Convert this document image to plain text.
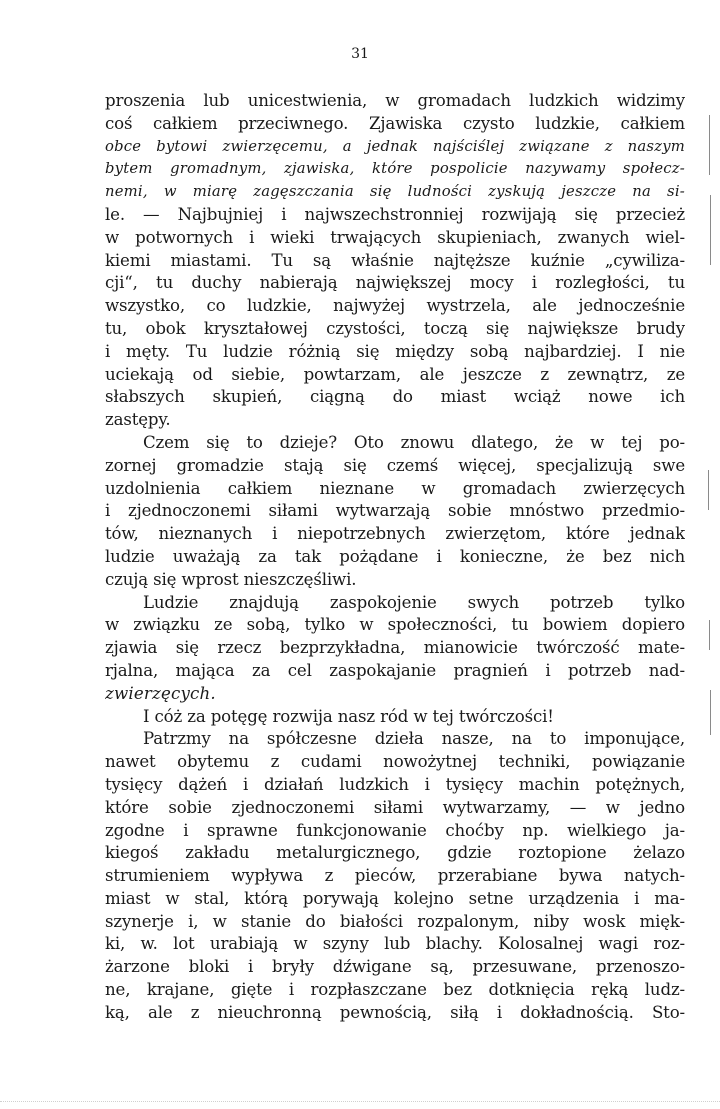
31
proszenia lub unicestwienia, w gromadach ludzkich widzimy
coś całkiem przeciwnego. Zjawiska czysto ludzkie, całkiem
obce bytowi zwierzęcemu, a jednak najściślej związane z naszym
bytem gromadnym, zjawiska, które pospolicie nazywamy społecz-
nemi, w miarę zagęszczania się ludności zyskują jeszcze na si-
le. — Najbujniej i najwszechstronniej rozwijają się przecież
w potwornych i wieki trwających skupieniach, zwanych wiel-
kiemi miastami. Tu są właśnie najtęższe kuźnie „cywiliza-
cji“, tu duchy nabierają największej mocy i rozległości, tu
wszystko, co ludzkie, najwyżej wystrzela, ale jednocześnie
tu, obok kryształowej czystości, toczą się największe brudy
i męty. Tu ludzie różnią się między sobą najbardziej. I nie
uciekają od siebie, powtarzam, ale jeszcze z zewnątrz, ze
słabszych skupień, ciągną do miast wciąż nowe ich
zastępy.
Czem się to dzieje? Oto znowu dlatego, że w tej po-
zornej gromadzie stają się czemś więcej, specjalizują swe
uzdolnienia całkiem nieznane w gromadach zwierzęcych
i zjednoczonemi siłami wytwarzają sobie mnóstwo przedmio-
tów, nieznanych i niepotrzebnych zwierzętom, które jednak
ludzie uważają za tak pożądane i konieczne, że bez nich
czują się wprost nieszczęśliwi.
Ludzie znajdują zaspokojenie swych potrzeb tylko
w związku ze sobą, tylko w społeczności, tu bowiem dopiero
zjawia się rzecz bezprzykładna, mianowicie twórczość mate-
rjalna, mająca za cel zaspokajanie pragnień i potrzeb nad-
zwierzęcych.
I cóż za potęgę rozwija nasz ród w tej twórczości!
Patrzmy na spółczesne dzieła nasze, na to imponujące,
nawet obytemu z cudami nowożytnej techniki, powiązanie
tysięcy dążeń i działań ludzkich i tysięcy machin potężnych,
które sobie zjednoczonemi siłami wytwarzamy, — w jedno
zgodne i sprawne funkcjonowanie choćby np. wielkiego ja-
kiegoś zakładu metalurgicznego, gdzie roztopione żelazo
strumieniem wypływa z pieców, przerabiane bywa natych-
miast w stal, którą porywają kolejno setne urządzenia i ma-
szynerje i, w stanie do białości rozpalonym, niby wosk mięk-
ki, w. lot urabiają w szyny lub blachy. Kolosalnej wagi roz-
żarzone bloki i bryły dźwigane są, przesuwane, przenoszo-
ne, krajane, gięte i rozpłaszczane bez dotknięcia ręką ludz-
ką, ale z nieuchronną pewnością, siłą i dokładnością. Sto-
